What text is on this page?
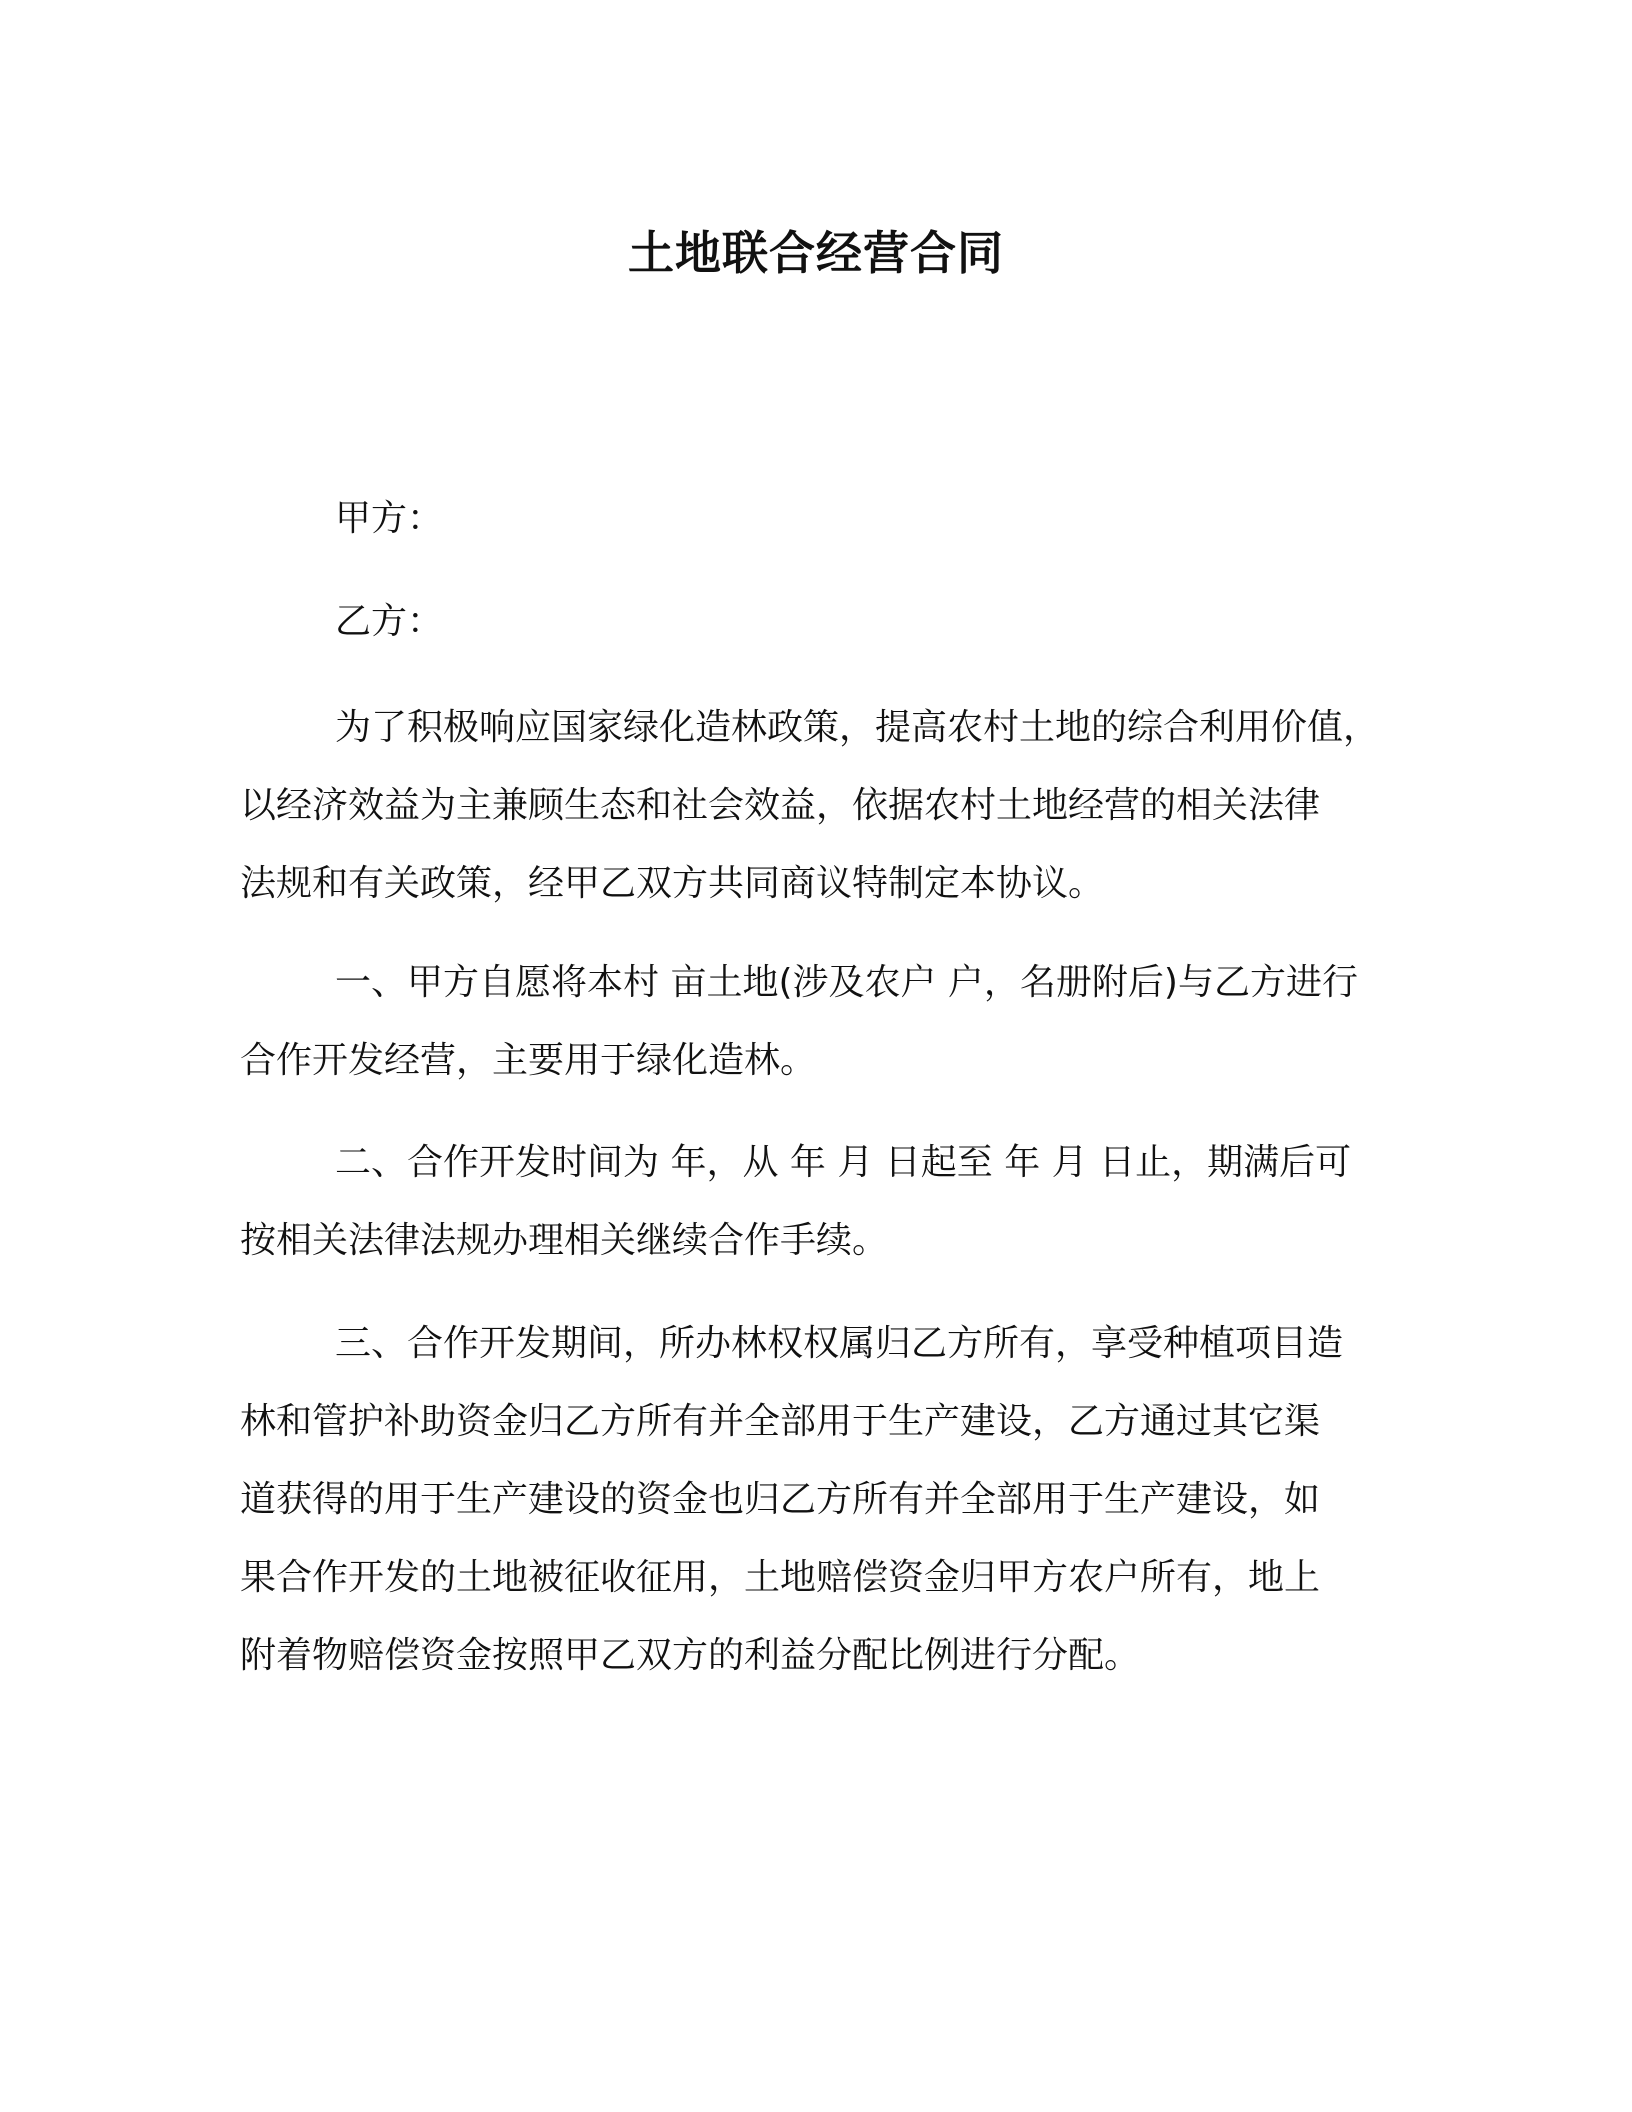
土地联合经营合同
甲方：
乙方：
为了积极响应国家绿化造林政策，提高农村土地的综合利用价值，
以经济效益为主兼顾生态和社会效益，依据农村土地经营的相关法律
法规和有关政策，经甲乙双方共同商议特制定本协议。
一、甲方自愿将本村 亩土地(涉及农户 户，名册附后)与乙方进行
合作开发经营，主要用于绿化造林。
二、合作开发时间为 年，从 年 月 日起至 年 月 日止，期满后可
按相关法律法规办理相关继续合作手续。
三、合作开发期间，所办林权权属归乙方所有，享受种植项目造
林和管护补助资金归乙方所有并全部用于生产建设，乙方通过其它渠
道获得的用于生产建设的资金也归乙方所有并全部用于生产建设，如
果合作开发的土地被征收征用，土地赔偿资金归甲方农户所有，地上
附着物赔偿资金按照甲乙双方的利益分配比例进行分配。
